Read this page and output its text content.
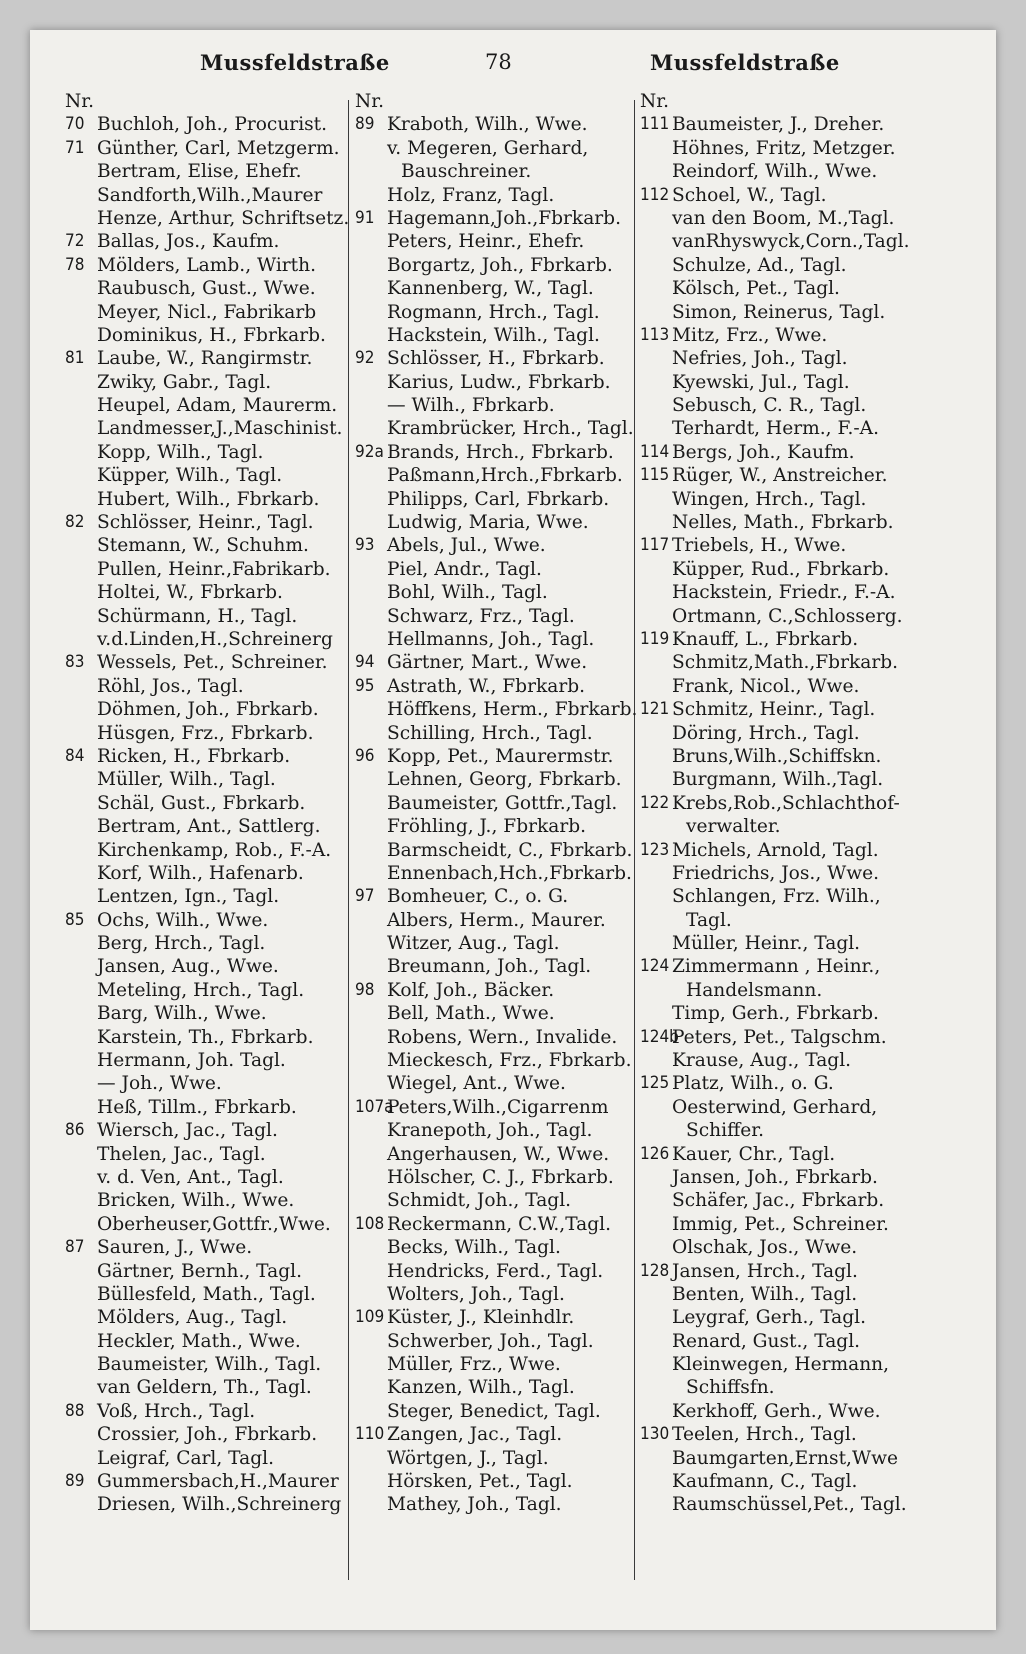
Mussfeldstraße	78	Mussfeldstraße
Nr.
70 Buchloh, Joh., Procurist.
71 Günther, Carl, Metzgerm.
Bertram, Elise, Ehefr.
Sandforth,Wilh.,Maurer
Henze, Arthur, Schriftsetz.
72 Ballas, Jos., Kaufm.
78 Mölders, Lamb., Wirth.
Raubusch, Gust., Wwe.
Meyer, Nicl., Fabrikarb
Dominikus, H., Fbrkarb.
81 Laube, W., Rangirmstr.
Zwiky, Gabr., Tagl.
Heupel, Adam, Maurerm.
Landmesser,J.,Maschinist.
Kopp, Wilh., Tagl.
Küpper, Wilh., Tagl.
Hubert, Wilh., Fbrkarb.
82 Schlösser, Heinr., Tagl.
Stemann, W., Schuhm.
Pullen, Heinr.,Fabrikarb.
Holtei, W., Fbrkarb.
Schürmann, H., Tagl.
v.d.Linden,H.,Schreinerg
83 Wessels, Pet., Schreiner.
Röhl, Jos., Tagl.
Döhmen, Joh., Fbrkarb.
Hüsgen, Frz., Fbrkarb.
84 Ricken, H., Fbrkarb.
Müller, Wilh., Tagl.
Schäl, Gust., Fbrkarb.
Bertram, Ant., Sattlerg.
Kirchenkamp, Rob., F.-A.
Korf, Wilh., Hafenarb.
Lentzen, Ign., Tagl.
85 Ochs, Wilh., Wwe.
Berg, Hrch., Tagl.
Jansen, Aug., Wwe.
Meteling, Hrch., Tagl.
Barg, Wilh., Wwe.
Karstein, Th., Fbrkarb.
Hermann, Joh. Tagl.
— Joh., Wwe.
Heß, Tillm., Fbrkarb.
86 Wiersch, Jac., Tagl.
Thelen, Jac., Tagl.
v. d. Ven, Ant., Tagl.
Bricken, Wilh., Wwe.
Oberheuser,Gottfr.,Wwe.
87 Sauren, J., Wwe.
Gärtner, Bernh., Tagl.
Büllesfeld, Math., Tagl.
Mölders, Aug., Tagl.
Heckler, Math., Wwe.
Baumeister, Wilh., Tagl.
van Geldern, Th., Tagl.
88 Voß, Hrch., Tagl.
Crossier, Joh., Fbrkarb.
Leigraf, Carl, Tagl.
89 Gummersbach,H.,Maurer
Driesen, Wilh.,Schreinerg
Nr.
89 Kraboth, Wilh., Wwe.
v. Megeren, Gerhard,
Bauschreiner.
Holz, Franz, Tagl.
91 Hagemann,Joh.,Fbrkarb.
Peters, Heinr., Ehefr.
Borgartz, Joh., Fbrkarb.
Kannenberg, W., Tagl.
Rogmann, Hrch., Tagl.
Hackstein, Wilh., Tagl.
92 Schlösser, H., Fbrkarb.
Karius, Ludw., Fbrkarb.
— Wilh., Fbrkarb.
Krambrücker, Hrch., Tagl.
92a Brands, Hrch., Fbrkarb.
Paßmann,Hrch.,Fbrkarb.
Philipps, Carl, Fbrkarb.
Ludwig, Maria, Wwe.
93 Abels, Jul., Wwe.
Piel, Andr., Tagl.
Bohl, Wilh., Tagl.
Schwarz, Frz., Tagl.
Hellmanns, Joh., Tagl.
94 Gärtner, Mart., Wwe.
95 Astrath, W., Fbrkarb.
Höffkens, Herm., Fbrkarb.
Schilling, Hrch., Tagl.
96 Kopp, Pet., Maurermstr.
Lehnen, Georg, Fbrkarb.
Baumeister, Gottfr.,Tagl.
Fröhling, J., Fbrkarb.
Barmscheidt, C., Fbrkarb.
Ennenbach,Hch.,Fbrkarb.
97 Bomheuer, C., o. G.
Albers, Herm., Maurer.
Witzer, Aug., Tagl.
Breumann, Joh., Tagl.
98 Kolf, Joh., Bäcker.
Bell, Math., Wwe.
Robens, Wern., Invalide.
Mieckesch, Frz., Fbrkarb.
Wiegel, Ant., Wwe.
107a
Peters,Wilh.,Cigarrenm
Kranepoth, Joh., Tagl.
Angerhausen, W., Wwe.
Hölscher, C. J., Fbrkarb.
Schmidt, Joh., Tagl.
108 Reckermann, C.W.,Tagl.
Becks, Wilh., Tagl.
Hendricks, Ferd., Tagl.
Wolters, Joh., Tagl.
109 Küster, J., Kleinhdlr.
Schwerber, Joh., Tagl.
Müller, Frz., Wwe.
Kanzen, Wilh., Tagl.
Steger, Benedict, Tagl.
110 Zangen, Jac., Tagl.
Wörtgen, J., Tagl.
Hörsken, Pet., Tagl.
Mathey, Joh., Tagl.
Nr.
111 Baumeister, J., Dreher.
Höhnes, Fritz, Metzger.
Reindorf, Wilh., Wwe.
112 Schoel, W., Tagl.
van den Boom, M.,Tagl.
vanRhyswyck,Corn.,Tagl.
Schulze, Ad., Tagl.
Kölsch, Pet., Tagl.
Simon, Reinerus, Tagl.
113 Mitz, Frz., Wwe.
Nefries, Joh., Tagl.
Kyewski, Jul., Tagl.
Sebusch, C. R., Tagl.
Terhardt, Herm., F.-A.
114 Bergs, Joh., Kaufm.
115 Rüger, W., Anstreicher.
Wingen, Hrch., Tagl.
Nelles, Math., Fbrkarb.
117 Triebels, H., Wwe.
Küpper, Rud., Fbrkarb.
Hackstein, Friedr., F.-A.
Ortmann, C.,Schlosserg.
119 Knauff, L., Fbrkarb.
Schmitz,Math.,Fbrkarb.
Frank, Nicol., Wwe.
121 Schmitz, Heinr., Tagl.
Döring, Hrch., Tagl.
Bruns,Wilh.,Schiffskn.
Burgmann, Wilh.,Tagl.
122 Krebs,Rob.,Schlachthof-
verwalter.
123 Michels, Arnold, Tagl.
Friedrichs, Jos., Wwe.
Schlangen, Frz. Wilh.,
Tagl.
Müller, Heinr., Tagl.
124 Zimmermann , Heinr.,
Handelsmann.
Timp, Gerh., Fbrkarb.
124b
Peters, Pet., Talgschm.
Krause, Aug., Tagl.
125 Platz, Wilh., o. G.
Oesterwind, Gerhard,
Schiffer.
126 Kauer, Chr., Tagl.
Jansen, Joh., Fbrkarb.
Schäfer, Jac., Fbrkarb.
Immig, Pet., Schreiner.
Olschak, Jos., Wwe.
128 Jansen, Hrch., Tagl.
Benten, Wilh., Tagl.
Leygraf, Gerh., Tagl.
Renard, Gust., Tagl.
Kleinwegen, Hermann,
Schiffsfn.
Kerkhoff, Gerh., Wwe.
130 Teelen, Hrch., Tagl.
Baumgarten,Ernst,Wwe
Kaufmann, C., Tagl.
Raumschüssel,Pet., Tagl.
